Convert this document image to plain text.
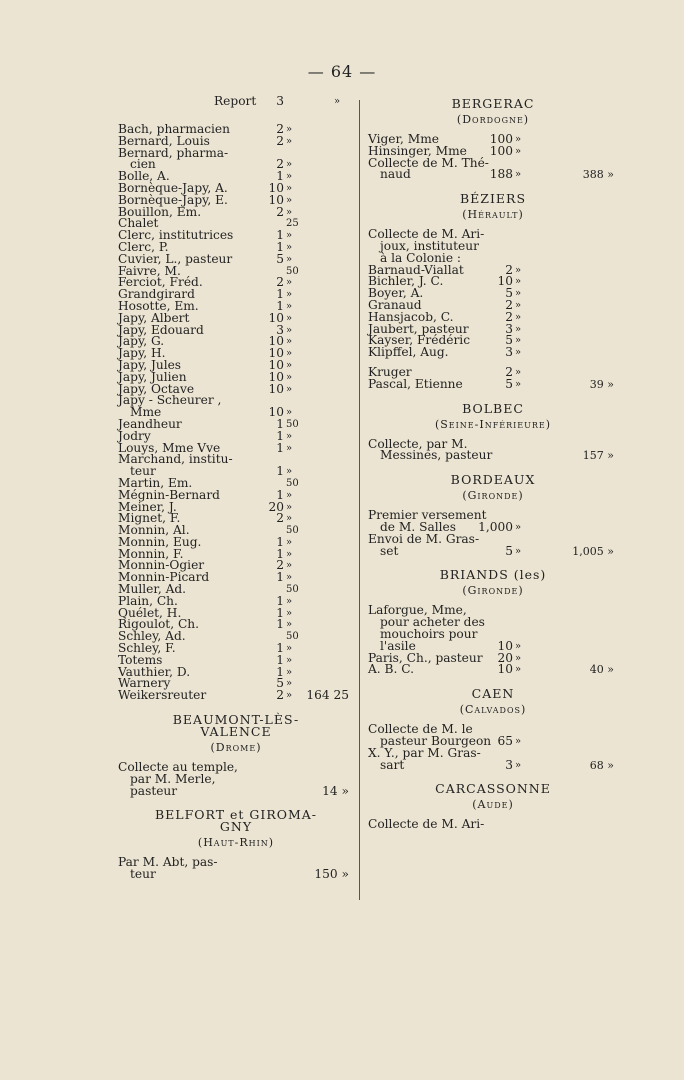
— 64 —
Report	3	»
Bach, pharmacien	2 »
Bernard, Louis	2 »
Bernard, pharma-
cien	2 »
Bolle, A.	1 »
Bornèque-Japy, A.	10 »
Bornèque-Japy, E.	10 »
Bouillon, Em.	2 »
Chalet	25
Clerc, institutrices	1 »
Clerc, P.	1 »
Cuvier, L., pasteur	5 »
Faivre, M.	50
Ferciot, Fréd.	2 »
Grandgirard	1 »
Hosotte, Em.	1 »
Japy, Albert	10 »
Japy, Edouard	3 »
Japy, G.	10 »
Japy, H.	10 »
Japy, Jules	10 »
Japy, Julien	10 »
Japy, Octave	10 »
Japy - Scheurer ,
Mme	10 »
Jeandheur	1 50
Jodry	1 »
Louys, Mme Vve	1 »
Marchand, institu-
teur	1 »
Martin, Em.	50
Mégnin-Bernard	1 »
Meiner, J.	20 »
Mignet, F.	2 »
Monnin, Al.	50
Monnin, Eug.	1 »
Monnin, F.	1 »
Monnin-Ogier	2 »
Monnin-Picard	1 »
Muller, Ad.	50
Plain, Ch.	1 »
Quélet, H.	1 »
Rigoulot, Ch.	1 »
Schley, Ad.	50
Schley, F.	1 »
Totems	1 »
Vauthier, D.	1 »
Warnery	5 »
Weikersreuter	2 »	164 25
BEAUMONT-LÈS-
VALENCE
(Drome)
Collecte au temple,
par M. Merle,
pasteur	14 »
BELFORT et GIROMA-
GNY
(Haut-Rhin)
Par M. Abt, pas-
teur	150 »
BERGERAC
(Dordogne)
Viger, Mme	100 »
Hinsinger, Mme	100 »
Collecte de M. Thé-
naud	188 »	388 »
BÉZIERS
(Hérault)
Collecte de M. Ari-
joux, instituteur
à la Colonie :
Barnaud-Viallat	2 »
Bichler, J. C.	10 »
Boyer, A.	5 »
Granaud	2 »
Hansjacob, C.	2 »
Jaubert, pasteur	3 »
Kayser, Frédéric	5 »
Klipffel, Aug.	3 »
Kruger	2 »
Pascal, Etienne	5 »	39 »
BOLBEC
(Seine-Inférieure)
Collecte, par M.
Messines, pasteur	157 »
BORDEAUX
(Gironde)
Premier versement
de M. Salles	1,000 »
Envoi de M. Gras-
set	5 »	1,005 »
BRIANDS (les)
(Gironde)
Laforgue, Mme,
pour acheter des
mouchoirs pour
l'asile	10 »
Paris, Ch., pasteur	20 »
A. B. C.	10 »	40 »
CAEN
(Calvados)
Collecte de M. le
pasteur Bourgeon 65 »
X. Y., par M. Gras-
sart	3 »	68 »
CARCASSONNE
(Aude)
Collecte de M. Ari-
